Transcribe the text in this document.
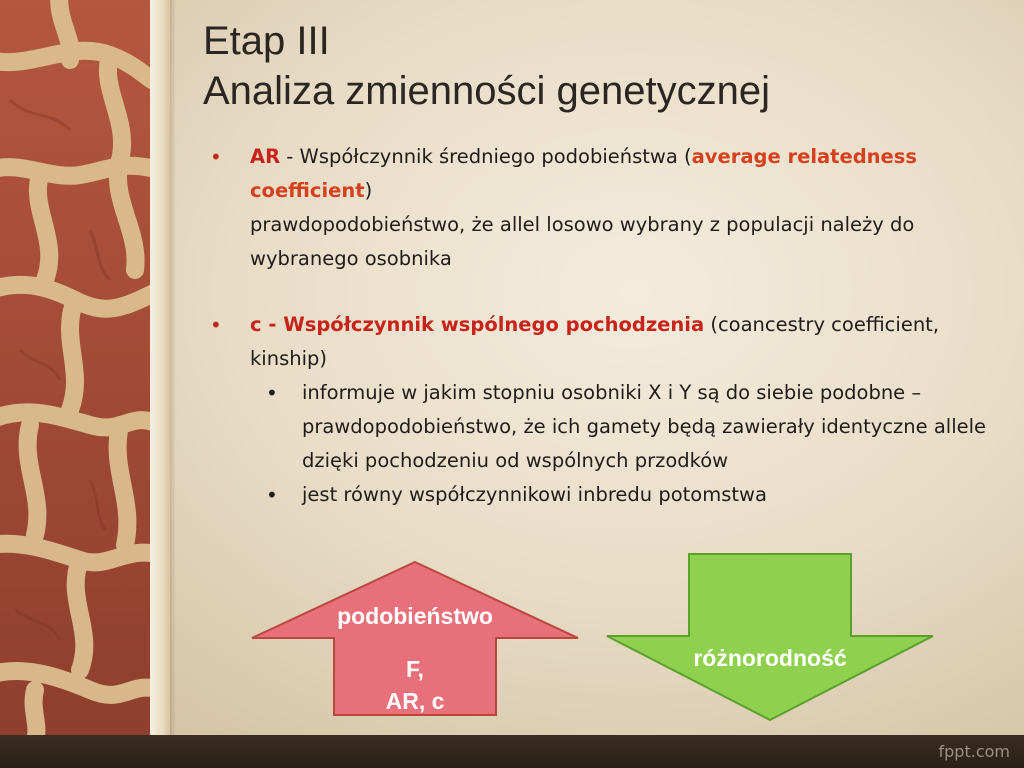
Etap III
Analiza zmienności genetycznej
• AR - Współczynnik średniego podobieństwa (average relatedness coefficient)
prawdopodobieństwo, że allel losowo wybrany z populacji należy do wybranego osobnika
• c - Współczynnik wspólnego pochodzenia (coancestry coefficient, kinship)
• informuje w jakim stopniu osobniki X i Y są do siebie podobne – prawdopodobieństwo, że ich gamety będą zawierały identyczne allele dzięki pochodzeniu od wspólnych przodków
• jest równy współczynnikowi inbredu potomstwa
podobieństwo
F,
AR, c
różnorodność
fppt.com
